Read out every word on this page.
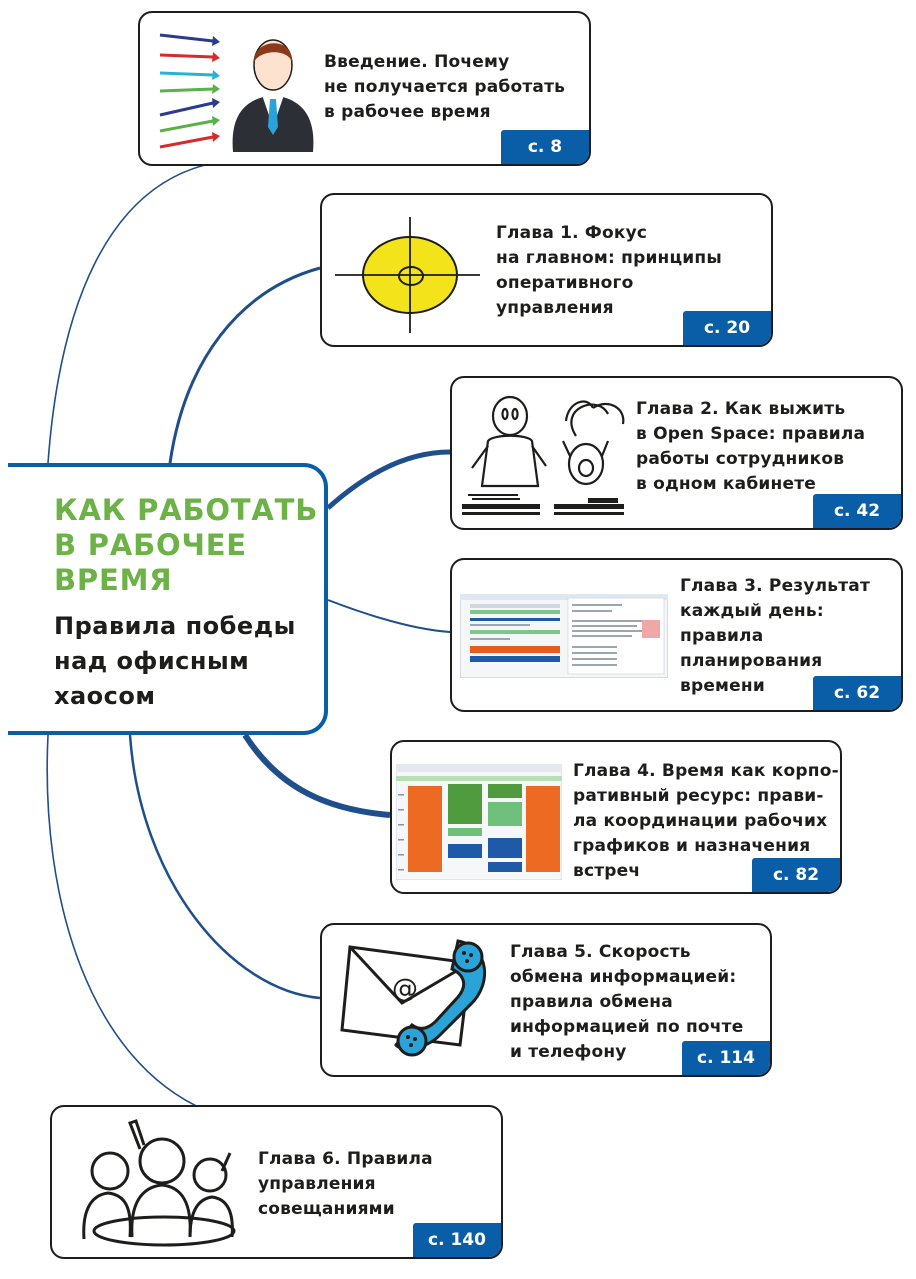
КАК РАБОТАТЬ
В РАБОЧЕЕ
ВРЕМЯ
Правила победы
над офисным
хаосом
Введение. Почему
не получается работать
в рабочее время
с. 8
Глава 1. Фокус
на главном: принципы
оперативного
управления
с. 20
Глава 2. Как выжить
в Open Space: правила
работы сотрудников
в одном кабинете
с. 42
Глава 3. Результат
каждый день:
правила
планирования
времени	с. 62
Глава 4. Время как корпо-
ративный ресурс: прави-
ла координации рабочих
графиков и назначения
встреч	с. 82
@
Глава 5. Скорость
обмена информацией:
правила обмена
информацией по почте
и телефону	с. 114
Глава 6. Правила
управления
совещаниями
с. 140
